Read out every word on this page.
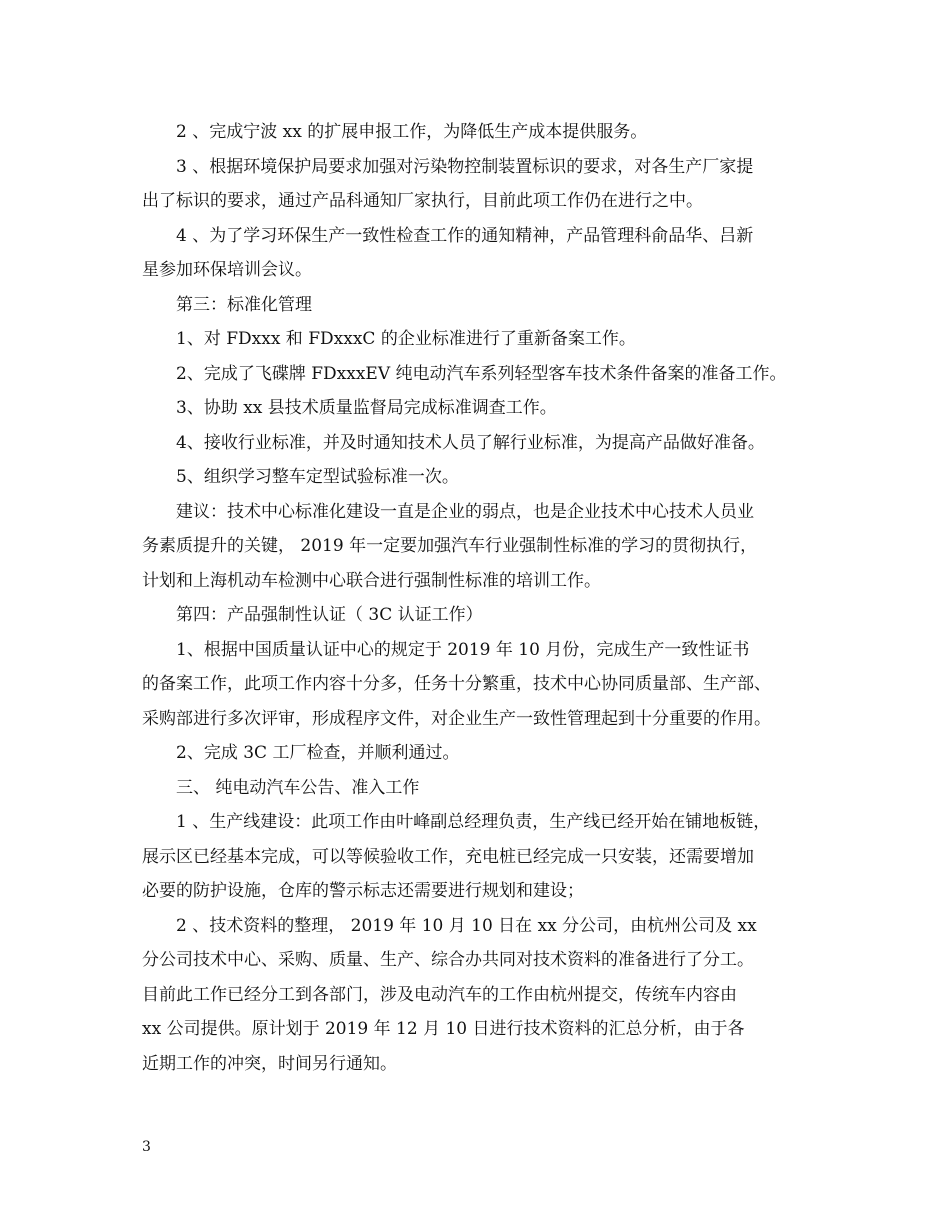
2 、完成宁波 xx 的扩展申报工作，为降低生产成本提供服务。

3 、根据环境保护局要求加强对污染物控制装置标识的要求，对各生产厂家提

出了标识的要求，通过产品科通知厂家执行，目前此项工作仍在进行之中。

4 、为了学习环保生产一致性检查工作的通知精神，产品管理科俞品华、吕新

星参加环保培训会议。

第三：标准化管理

1、对 FDxxx 和 FDxxxC 的企业标准进行了重新备案工作。

2、完成了飞碟牌 FDxxxEV 纯电动汽车系列轻型客车技术条件备案的准备工作。

3、协助 xx 县技术质量监督局完成标准调查工作。

4、接收行业标准，并及时通知技术人员了解行业标准，为提高产品做好准备。

5、组织学习整车定型试验标准一次。

建议：技术中心标准化建设一直是企业的弱点，也是企业技术中心技术人员业

务素质提升的关键， 2019 年一定要加强汽车行业强制性标准的学习的贯彻执行，

计划和上海机动车检测中心联合进行强制性标准的培训工作。

第四：产品强制性认证（ 3C 认证工作）

1、根据中国质量认证中心的规定于 2019 年 10 月份，完成生产一致性证书

的备案工作，此项工作内容十分多，任务十分繁重，技术中心协同质量部、生产部、

采购部进行多次评审，形成程序文件，对企业生产一致性管理起到十分重要的作用。

2、完成 3C 工厂检查，并顺利通过。

三、 纯电动汽车公告、准入工作

1 、生产线建设：此项工作由叶峰副总经理负责，生产线已经开始在铺地板链，

展示区已经基本完成，可以等候验收工作，充电桩已经完成一只安装，还需要增加

必要的防护设施，仓库的警示标志还需要进行规划和建设；

2 、技术资料的整理， 2019 年 10 月 10 日在 xx 分公司，由杭州公司及 xx

分公司技术中心、采购、质量、生产、综合办共同对技术资料的准备进行了分工。

目前此工作已经分工到各部门，涉及电动汽车的工作由杭州提交，传统车内容由

xx 公司提供。原计划于 2019 年 12 月 10 日进行技术资料的汇总分析，由于各

近期工作的冲突，时间另行通知。

3
